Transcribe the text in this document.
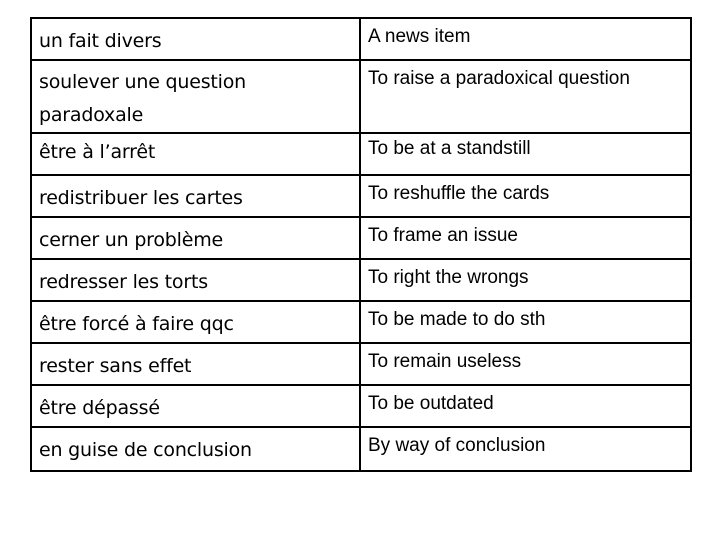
un fait divers	A news item

soulever une question
paradoxale	To raise a paradoxical question
être à l’arrêt	To be at a standstill
redistribuer les cartes	To reshuffle the cards
cerner un problème	To frame an issue
redresser les torts	To right the wrongs
être forcé à faire qqc	To be made to do sth
rester sans effet	To remain useless
être dépassé	To be outdated
en guise de conclusion	By way of conclusion
